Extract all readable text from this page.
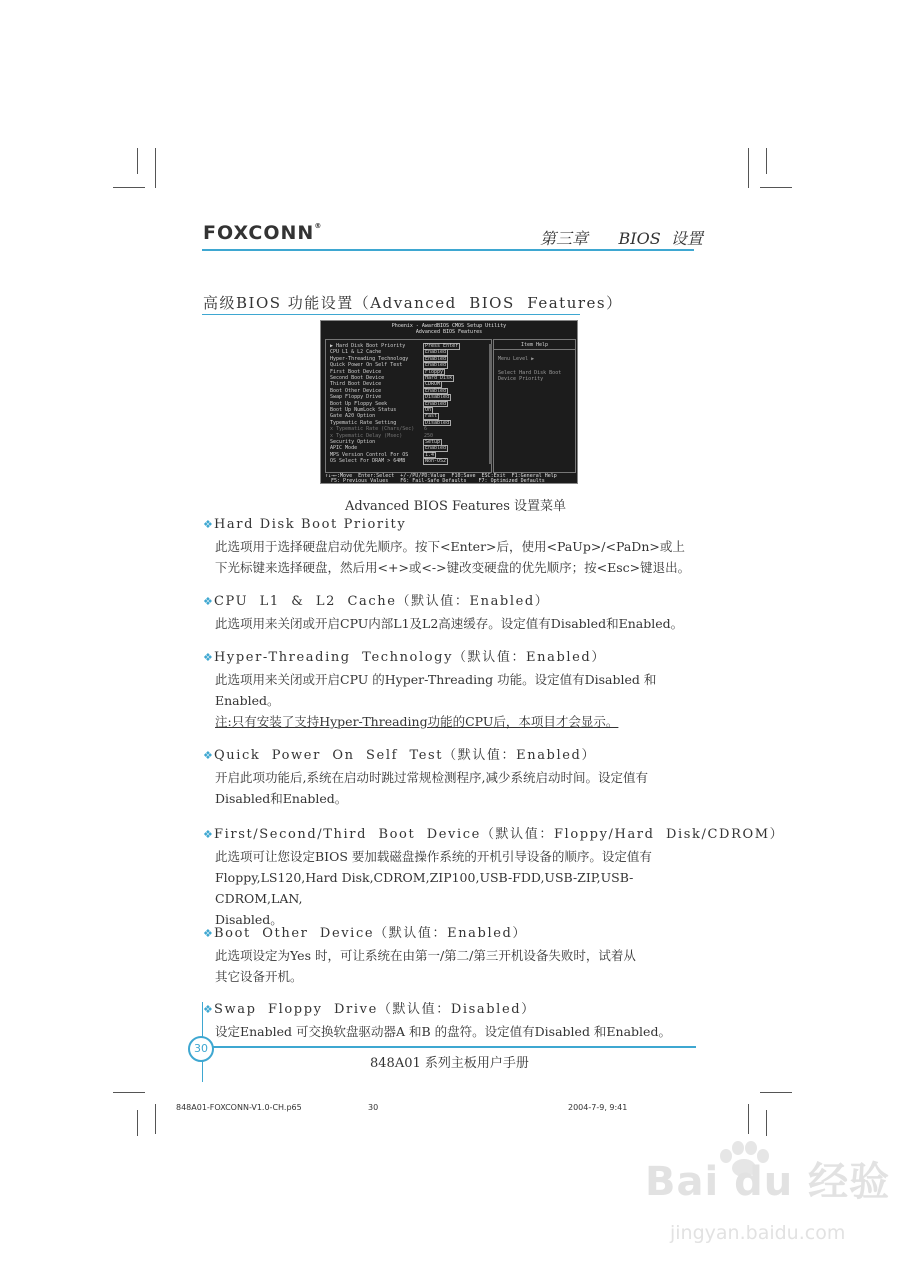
FOXCONN®
第三章      BIOS  设置
高级BIOS 功能设置（Advanced  BIOS  Features）
Phoenix - AwardBIOS CMOS Setup Utility
Advanced BIOS Features
▶ Hard Disk Boot Priority	Press Enter
CPU L1 & L2 Cache	Enabled
Hyper-Threading Technology	Enabled
Quick Power On Self Test	Enabled
First Boot Device	Floppy
Second Boot Device	Hard Disk
Third Boot Device	CDROM
Boot Other Device	Enabled
Swap Floppy Drive	Disabled
Boot Up Floppy Seek	Enabled
Boot Up NumLock Status	On
Gate A20 Option	Fast
Typematic Rate Setting	Disabled
x Typematic Rate (Chars/Sec) 6
x Typematic Delay (Msec)	250
Security Option	Setup
APIC Mode	Enabled
MPS Version Control For OS	1.4
OS Select For DRAM > 64MB	Non-OS2
Item Help
Menu Level ▶
Select Hard Disk Boot
Device Priority
↑↓→←:Move  Enter:Select  +/-/PU/PD:Value  F10:Save  ESC:Exit  F1:General Help
F5: Previous Values    F6: Fail-Safe Defaults    F7: Optimized Defaults
Advanced BIOS Features 设置菜单
❖Hard Disk Boot Priority
此选项用于选择硬盘启动优先顺序。按下<Enter>后，使用<PaUp>/<PaDn>或上
下光标键来选择硬盘，然后用<+>或<->键改变硬盘的优先顺序；按<Esc>键退出。
❖CPU  L1  &  L2  Cache（默认值：Enabled）
此选项用来关闭或开启CPU内部L1及L2高速缓存。设定值有Disabled和Enabled。
❖Hyper-Threading  Technology（默认值：Enabled）
此选项用来关闭或开启CPU 的Hyper-Threading 功能。设定值有Disabled 和
Enabled。
注:只有安装了支持Hyper-Threading功能的CPU后，本项目才会显示。
❖Quick  Power  On  Self  Test（默认值：Enabled）
开启此项功能后,系统在启动时跳过常规检测程序,减少系统启动时间。设定值有
Disabled和Enabled。
❖First/Second/Third  Boot  Device（默认值：Floppy/Hard  Disk/CDROM）
此选项可让您设定BIOS 要加载磁盘操作系统的开机引导设备的顺序。设定值有
Floppy,LS120,Hard Disk,CDROM,ZIP100,USB-FDD,USB-ZIP,USB-CDROM,LAN,
Disabled。
❖Boot  Other  Device（默认值：Enabled）
此选项设定为Yes 时，可让系统在由第一/第二/第三开机设备失败时，试着从
其它设备开机。
❖Swap  Floppy  Drive（默认值：Disabled）
设定Enabled 可交换软盘驱动器A 和B 的盘符。设定值有Disabled 和Enabled。
30
848A01 系列主板用户手册
848A01-FOXCONN-V1.0-CH.p65	30	2004-7-9, 9:41
Bai du 经验
jingyan.baidu.com
